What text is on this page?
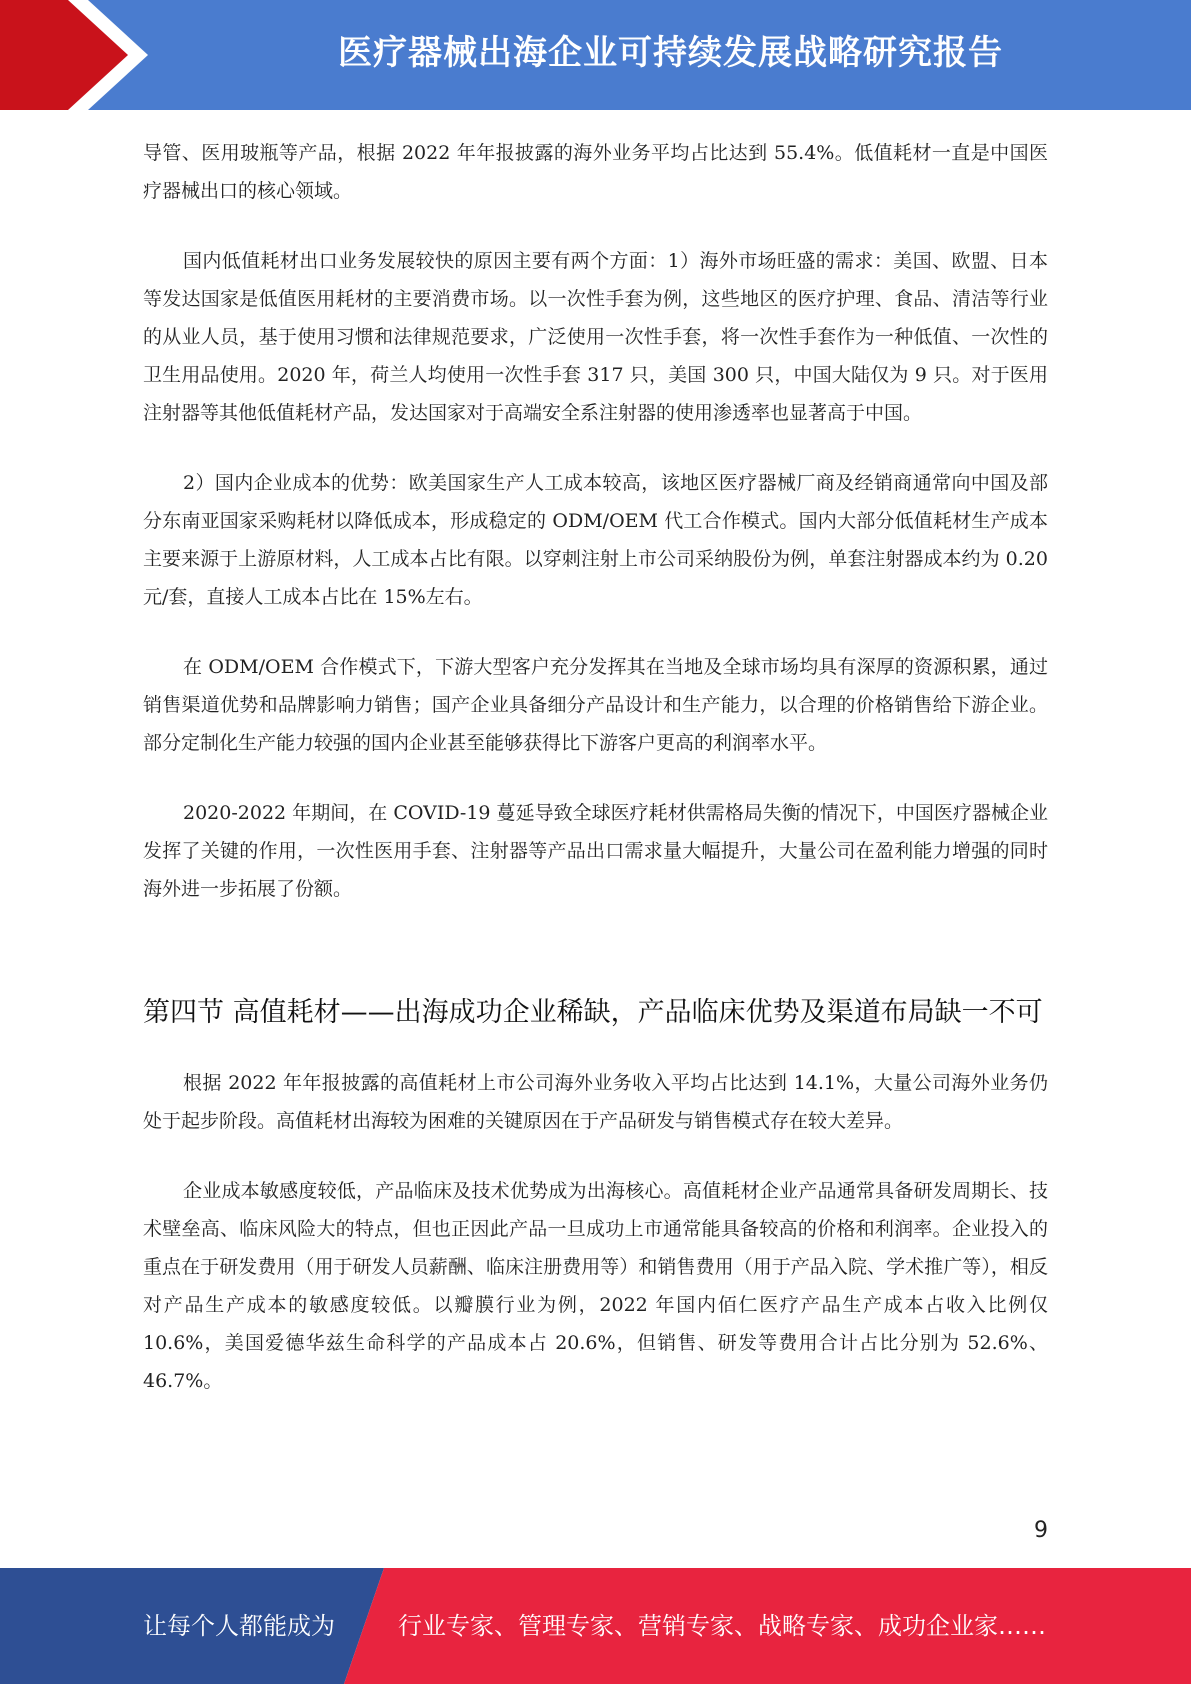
医疗器械出海企业可持续发展战略研究报告

导管、医用玻瓶等产品，根据 2022 年年报披露的海外业务平均占比达到 55.4%。低值耗材一直是中国医疗器械出口的核心领域。

国内低值耗材出口业务发展较快的原因主要有两个方面：1）海外市场旺盛的需求：美国、欧盟、日本等发达国家是低值医用耗材的主要消费市场。以一次性手套为例，这些地区的医疗护理、食品、清洁等行业的从业人员，基于使用习惯和法律规范要求，广泛使用一次性手套，将一次性手套作为一种低值、一次性的卫生用品使用。2020 年，荷兰人均使用一次性手套 317 只，美国 300 只，中国大陆仅为 9 只。对于医用注射器等其他低值耗材产品，发达国家对于高端安全系注射器的使用渗透率也显著高于中国。

2）国内企业成本的优势：欧美国家生产人工成本较高，该地区医疗器械厂商及经销商通常向中国及部分东南亚国家采购耗材以降低成本，形成稳定的 ODM/OEM 代工合作模式。国内大部分低值耗材生产成本主要来源于上游原材料，人工成本占比有限。以穿刺注射上市公司采纳股份为例，单套注射器成本约为 0.20 元/套，直接人工成本占比在 15%左右。

在 ODM/OEM 合作模式下，下游大型客户充分发挥其在当地及全球市场均具有深厚的资源积累，通过销售渠道优势和品牌影响力销售；国产企业具备细分产品设计和生产能力，以合理的价格销售给下游企业。部分定制化生产能力较强的国内企业甚至能够获得比下游客户更高的利润率水平。

2020-2022 年期间，在 COVID-19 蔓延导致全球医疗耗材供需格局失衡的情况下，中国医疗器械企业发挥了关键的作用，一次性医用手套、注射器等产品出口需求量大幅提升，大量公司在盈利能力增强的同时海外进一步拓展了份额。

第四节 高值耗材——出海成功企业稀缺，产品临床优势及渠道布局缺一不可

根据 2022 年年报披露的高值耗材上市公司海外业务收入平均占比达到 14.1%，大量公司海外业务仍处于起步阶段。高值耗材出海较为困难的关键原因在于产品研发与销售模式存在较大差异。

企业成本敏感度较低，产品临床及技术优势成为出海核心。高值耗材企业产品通常具备研发周期长、技术壁垒高、临床风险大的特点，但也正因此产品一旦成功上市通常能具备较高的价格和利润率。企业投入的重点在于研发费用（用于研发人员薪酬、临床注册费用等）和销售费用（用于产品入院、学术推广等），相反对产品生产成本的敏感度较低。以瓣膜行业为例，2022 年国内佰仁医疗产品生产成本占收入比例仅 10.6%，美国爱德华兹生命科学的产品成本占 20.6%，但销售、研发等费用合计占比分别为 52.6%、46.7%。

9
让每个人都能成为	行业专家、管理专家、营销专家、战略专家、成功企业家……
